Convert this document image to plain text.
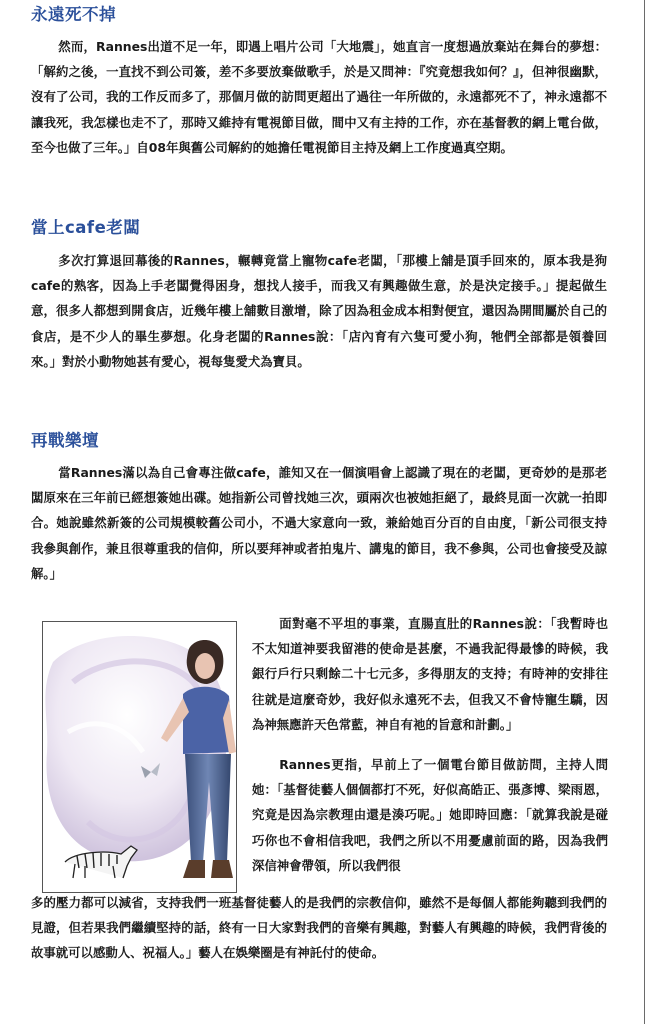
永遠死不掉

然而，Rannes出道不足一年，即遇上唱片公司「大地震」，她直言一度想過放棄站在舞台的夢想：「解約之後，一直找不到公司簽，差不多要放棄做歌手，於是又問神：『究竟想我如何？』，但神很幽默，沒有了公司，我的工作反而多了，那個月做的訪問更超出了過往一年所做的，永遠都死不了，神永遠都不讓我死，我怎樣也走不了，那時又維持有電視節目做，間中又有主持的工作，亦在基督教的網上電台做，至今也做了三年。」自08年與舊公司解約的她擔任電視節目主持及網上工作度過真空期。

當上cafe老闆

多次打算退回幕後的Rannes，輾轉竟當上寵物cafe老闆，「那樓上舖是頂手回來的，原本我是狗cafe的熟客，因為上手老闆覺得困身，想找人接手，而我又有興趣做生意，於是決定接手。」提起做生意，很多人都想到開食店，近幾年樓上舖數目激增，除了因為租金成本相對便宜，還因為開間屬於自己的食店，是不少人的畢生夢想。化身老闆的Rannes說：「店內育有六隻可愛小狗，牠們全部都是領養回來。」對於小動物她甚有愛心，視每隻愛犬為寶貝。

再戰樂壇

當Rannes滿以為自己會專注做cafe，誰知又在一個演唱會上認識了現在的老闆，更奇妙的是那老闆原來在三年前已經想簽她出碟。她指新公司曾找她三次，頭兩次也被她拒絕了，最終見面一次就一拍即合。她說雖然新簽的公司規模較舊公司小，不過大家意向一致，兼給她百分百的自由度，「新公司很支持我參與創作，兼且很尊重我的信仰，所以要拜神或者拍鬼片、講鬼的節目，我不參與，公司也會接受及諒解。」

面對毫不平坦的事業，直腸直肚的Rannes說：「我暫時也不太知道神要我留港的使命是甚麼，不過我記得最慘的時候，我銀行戶行只剩餘二十七元多，多得朋友的支持；有時神的安排往往就是這麼奇妙，我好似永遠死不去，但我又不會恃寵生驕，因為神無應許天色常藍，神自有祂的旨意和計劃。」

Rannes更指，早前上了一個電台節目做訪問，主持人問她：「基督徒藝人個個都打不死，好似高皓正、張彥博、梁雨恩，究竟是因為宗教理由還是湊巧呢。」她即時回應：「就算我說是碰巧你也不會相信我吧，我們之所以不用憂慮前面的路，因為我們深信神會帶領，所以我們很

多的壓力都可以減省，支持我們一班基督徒藝人的是我們的宗教信仰，雖然不是每個人都能夠聽到我們的見證，但若果我們繼續堅持的話，終有一日大家對我們的音樂有興趣，對藝人有興趣的時候，我們背後的故事就可以感動人、祝福人。」藝人在娛樂圈是有神託付的使命。
